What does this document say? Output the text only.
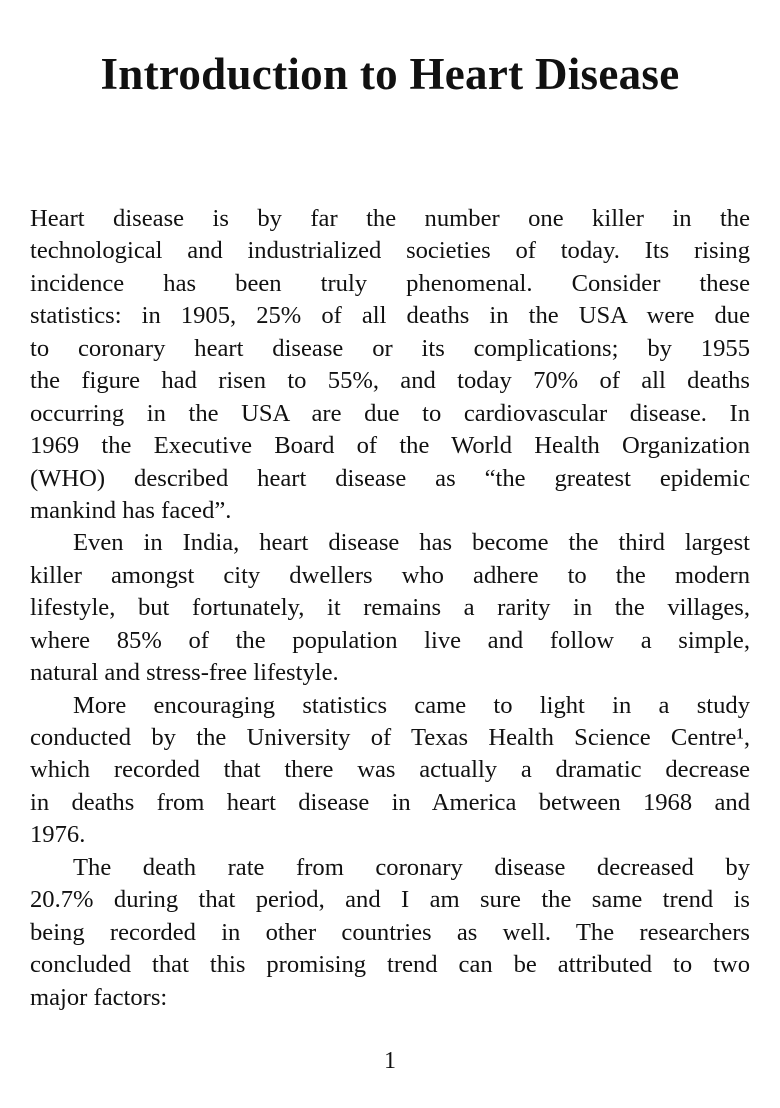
Introduction to Heart Disease
Heart disease is by far the number one killer in the
technological and industrialized societies of today. Its rising
incidence has been truly phenomenal. Consider these
statistics: in 1905, 25% of all deaths in the USA were due
to coronary heart disease or its complications; by 1955
the figure had risen to 55%, and today 70% of all deaths
occurring in the USA are due to cardiovascular disease. In
1969 the Executive Board of the World Health Organization
(WHO) described heart disease as “the greatest epidemic
mankind has faced”.
Even in India, heart disease has become the third largest
killer amongst city dwellers who adhere to the modern
lifestyle, but fortunately, it remains a rarity in the villages,
where 85% of the population live and follow a simple,
natural and stress-free lifestyle.
More encouraging statistics came to light in a study
conducted by the University of Texas Health Science Centre¹,
which recorded that there was actually a dramatic decrease
in deaths from heart disease in America between 1968 and
1976.
The death rate from coronary disease decreased by
20.7% during that period, and I am sure the same trend is
being recorded in other countries as well. The researchers
concluded that this promising trend can be attributed to two
major factors:
1
